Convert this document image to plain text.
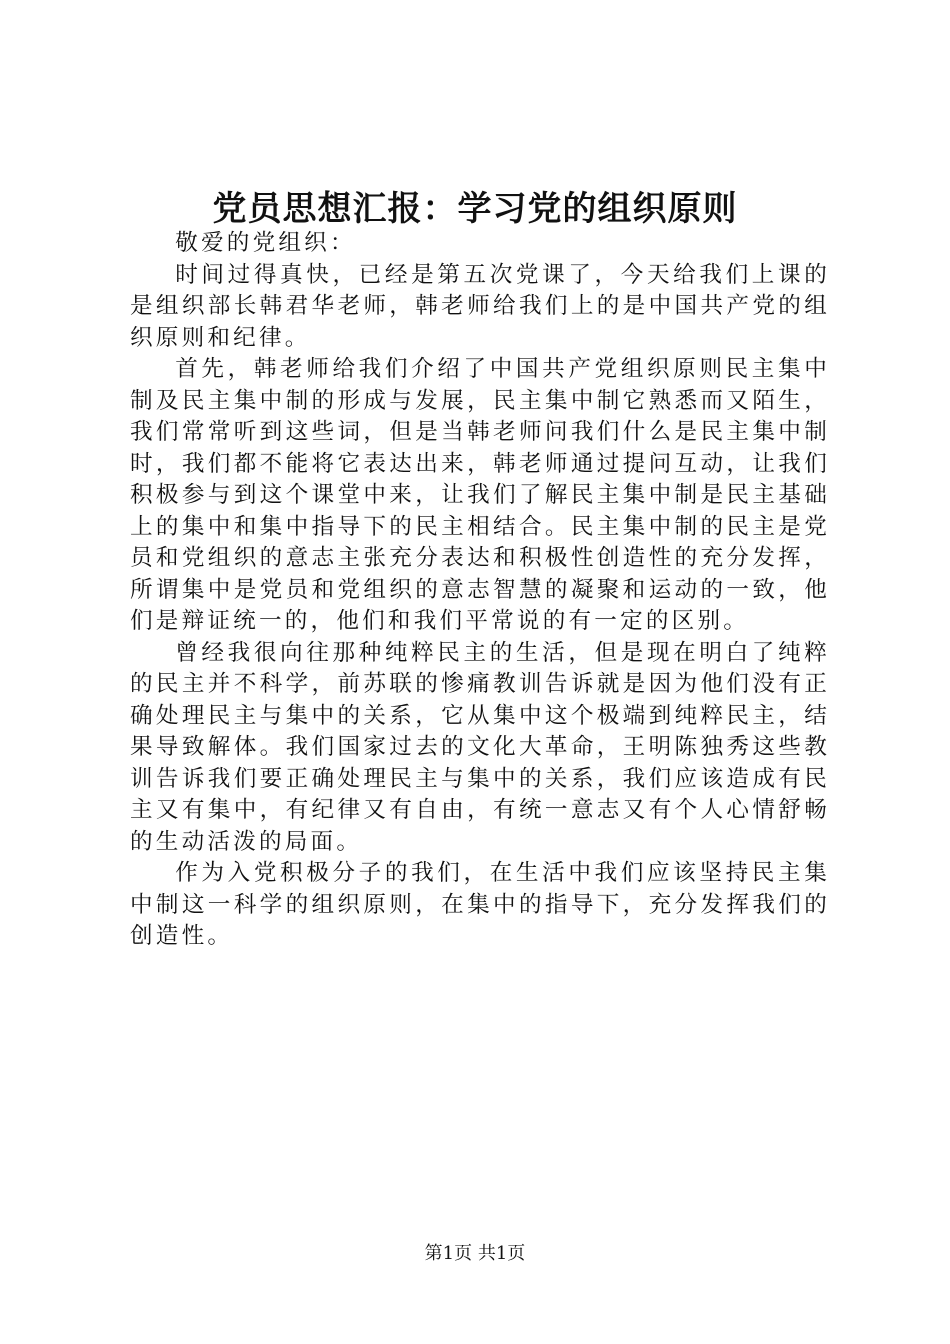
党员思想汇报：学习党的组织原则

敬爱的党组织：

时间过得真快，已经是第五次党课了，今天给我们上课的是组织部长韩君华老师，韩老师给我们上的是中国共产党的组织原则和纪律。

首先，韩老师给我们介绍了中国共产党组织原则民主集中制及民主集中制的形成与发展，民主集中制它熟悉而又陌生，我们常常听到这些词，但是当韩老师问我们什么是民主集中制时，我们都不能将它表达出来，韩老师通过提问互动，让我们积极参与到这个课堂中来，让我们了解民主集中制是民主基础上的集中和集中指导下的民主相结合。民主集中制的民主是党员和党组织的意志主张充分表达和积极性创造性的充分发挥，所谓集中是党员和党组织的意志智慧的凝聚和运动的一致，他们是辩证统一的，他们和我们平常说的有一定的区别。

曾经我很向往那种纯粹民主的生活，但是现在明白了纯粹的民主并不科学，前苏联的惨痛教训告诉就是因为他们没有正确处理民主与集中的关系，它从集中这个极端到纯粹民主，结果导致解体。我们国家过去的文化大革命，王明陈独秀这些教训告诉我们要正确处理民主与集中的关系，我们应该造成有民主又有集中，有纪律又有自由，有统一意志又有个人心情舒畅的生动活泼的局面。

作为入党积极分子的我们，在生活中我们应该坚持民主集中制这一科学的组织原则，在集中的指导下，充分发挥我们的创造性。

第1页 共1页
